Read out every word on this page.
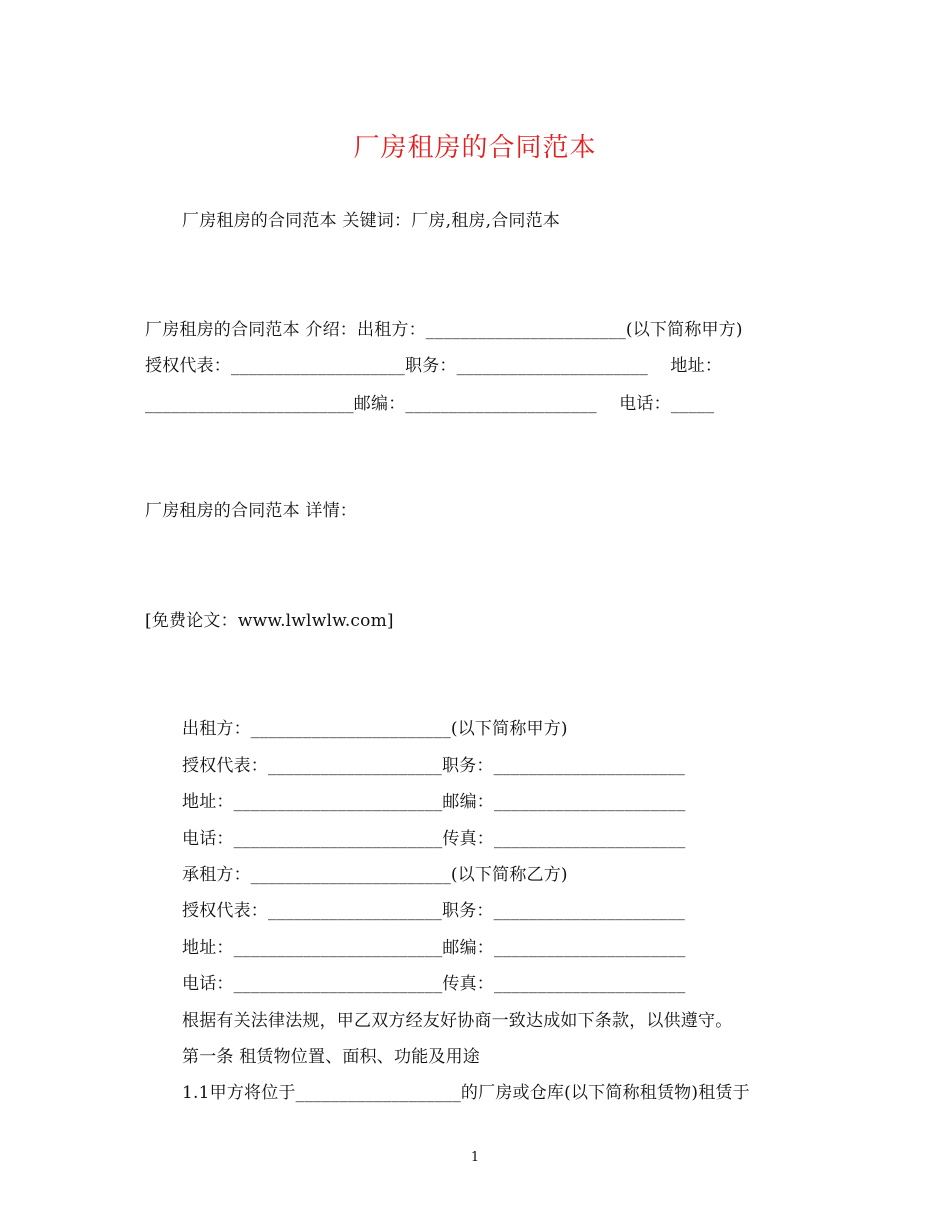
厂房租房的合同范本
厂房租房的合同范本 关键词：厂房,租房,合同范本
厂房租房的合同范本 介绍：出租方：_______________________(以下简称甲方)
授权代表：____________________职务：______________________    地址：
________________________邮编：______________________    电话：_____
厂房租房的合同范本 详情：
[免费论文：www.lwlwlw.com]
出租方：_______________________(以下简称甲方)
授权代表：____________________职务：______________________
地址：________________________邮编：______________________
电话：________________________传真：______________________
承租方：_______________________(以下简称乙方)
授权代表：____________________职务：______________________
地址：________________________邮编：______________________
电话：________________________传真：______________________
根据有关法律法规，甲乙双方经友好协商一致达成如下条款，以供遵守。
第一条 租赁物位置、面积、功能及用途
1.1甲方将位于___________________的厂房或仓库(以下简称租赁物)租赁于
1
